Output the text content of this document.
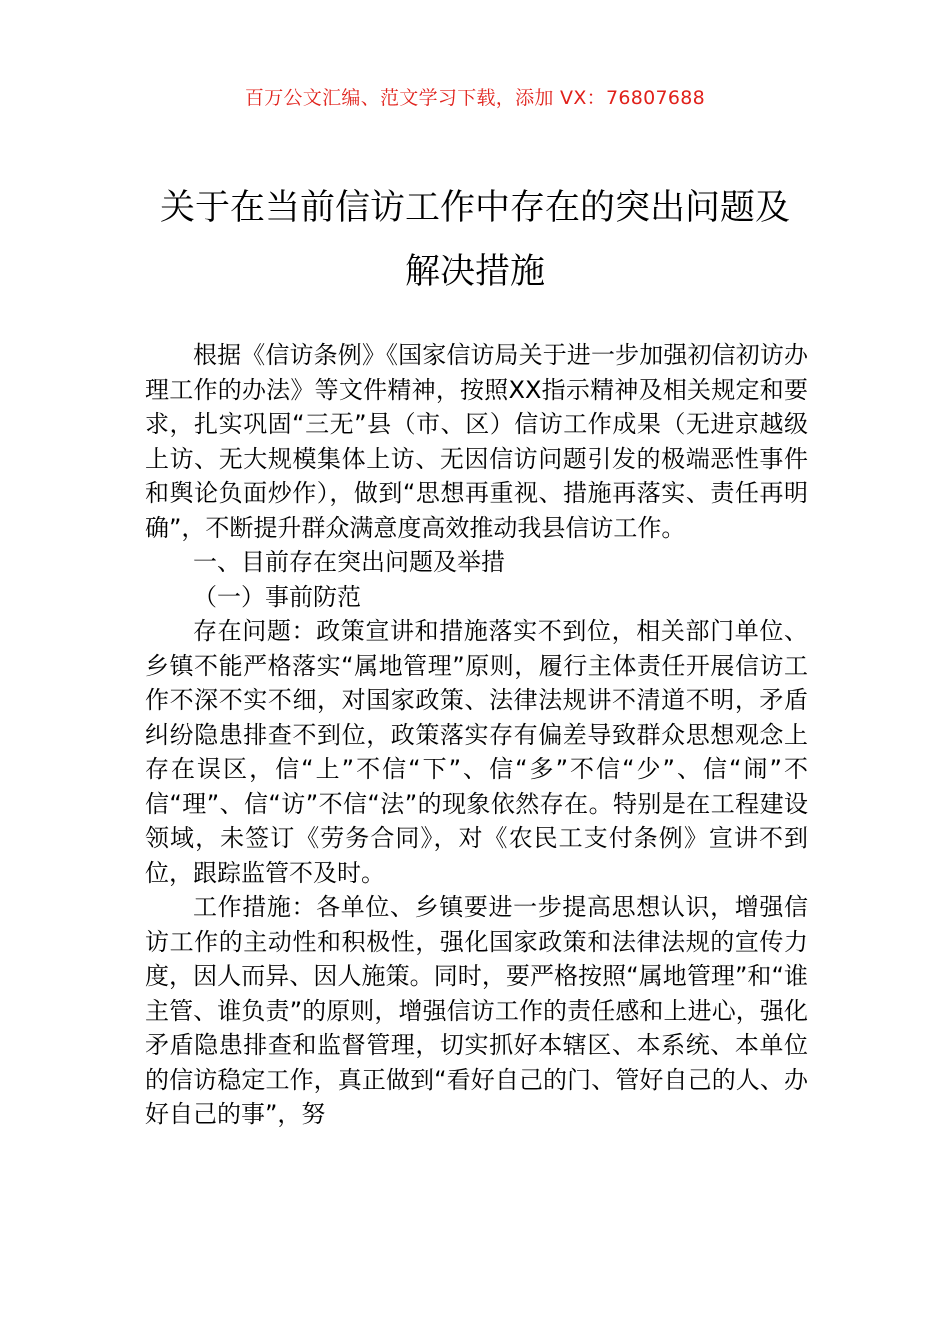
百万公文汇编、范文学习下载，添加 VX：76807688
关于在当前信访工作中存在的突出问题及
解决措施

根据《信访条例》《国家信访局关于进一步加强初信初访办理工作的办法》等文件精神，按照XX指示精神及相关规定和要求，扎实巩固“三无”县（市、区）信访工作成果（无进京越级上访、无大规模集体上访、无因信访问题引发的极端恶性事件和舆论负面炒作），做到“思想再重视、措施再落实、责任再明确”，不断提升群众满意度高效推动我县信访工作。

一、目前存在突出问题及举措

（一）事前防范

存在问题：政策宣讲和措施落实不到位，相关部门单位、乡镇不能严格落实“属地管理”原则，履行主体责任开展信访工作不深不实不细，对国家政策、法律法规讲不清道不明，矛盾纠纷隐患排查不到位，政策落实存有偏差导致群众思想观念上存在误区，信“上”不信“下”、信“多”不信“少”、信“闹”不信“理”、信“访”不信“法”的现象依然存在。特别是在工程建设领域，未签订《劳务合同》，对《农民工支付条例》宣讲不到位，跟踪监管不及时。

工作措施：各单位、乡镇要进一步提高思想认识，增强信访工作的主动性和积极性，强化国家政策和法律法规的宣传力度，因人而异、因人施策。同时，要严格按照“属地管理”和“谁主管、谁负责”的原则，增强信访工作的责任感和上进心，强化矛盾隐患排查和监督管理，切实抓好本辖区、本系统、本单位的信访稳定工作，真正做到“看好自己的门、管好自己的人、办好自己的事”，努
